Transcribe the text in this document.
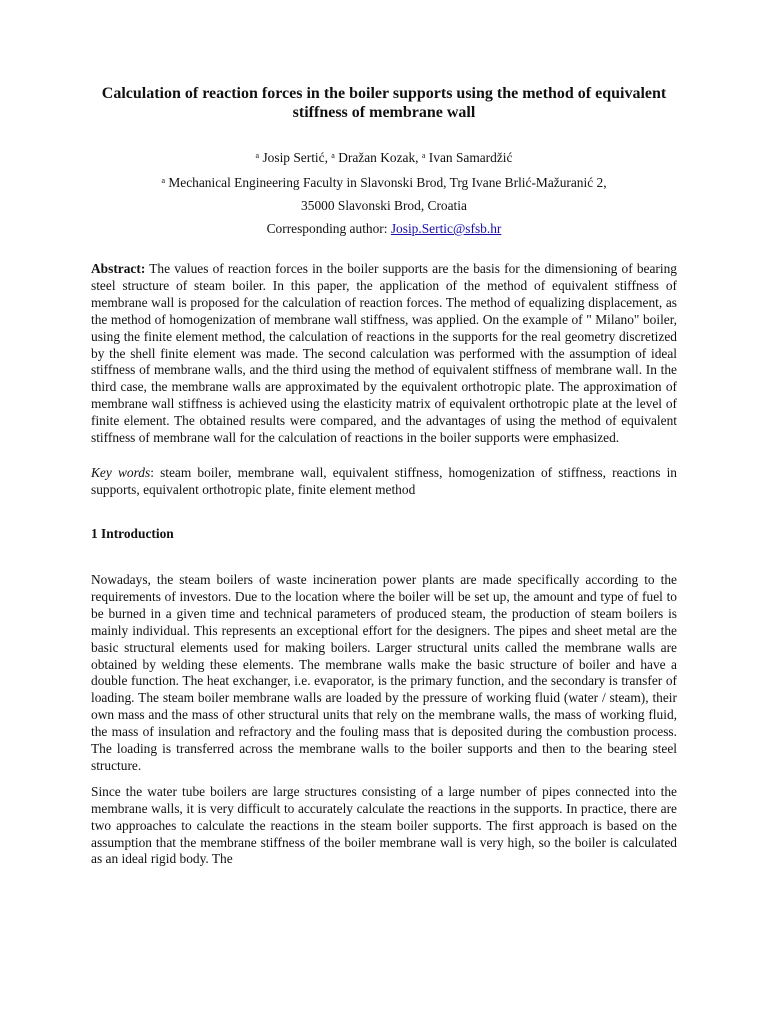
Calculation of reaction forces in the boiler supports using the method of equivalent stiffness of membrane wall
$^a$ Josip Sertić, $^a$ Dražan Kozak, $^a$ Ivan Samardžić
$^a$ Mechanical Engineering Faculty in Slavonski Brod, Trg Ivane Brlić-Mažuranić 2,
35000 Slavonski Brod, Croatia
Corresponding author: Josip.Sertic@sfsb.hr
Abstract: The values of reaction forces in the boiler supports are the basis for the dimensioning of bearing steel structure of steam boiler. In this paper, the application of the method of equivalent stiffness of membrane wall is proposed for the calculation of reaction forces. The method of equalizing displacement, as the method of homogenization of membrane wall stiffness, was applied. On the example of " Milano" boiler, using the finite element method, the calculation of reactions in the supports for the real geometry discretized by the shell finite element was made. The second calculation was performed with the assumption of ideal stiffness of membrane walls, and the third using the method of equivalent stiffness of membrane wall. In the third case, the membrane walls are approximated by the equivalent orthotropic plate. The approximation of membrane wall stiffness is achieved using the elasticity matrix of equivalent orthotropic plate at the level of finite element. The obtained results were compared, and the advantages of using the method of equivalent stiffness of membrane wall for the calculation of reactions in the boiler supports were emphasized.
Key words: steam boiler, membrane wall, equivalent stiffness, homogenization of stiffness, reactions in supports, equivalent orthotropic plate, finite element method
1 Introduction

Nowadays, the steam boilers of waste incineration power plants are made specifically according to the requirements of investors. Due to the location where the boiler will be set up, the amount and type of fuel to be burned in a given time and technical parameters of produced steam, the production of steam boilers is mainly individual. This represents an exceptional effort for the designers. The pipes and sheet metal are the basic structural elements used for making boilers. Larger structural units called the membrane walls are obtained by welding these elements. The membrane walls make the basic structure of boiler and have a double function. The heat exchanger, i.e. evaporator, is the primary function, and the secondary is transfer of loading. The steam boiler membrane walls are loaded by the pressure of working fluid (water / steam), their own mass and the mass of other structural units that rely on the membrane walls, the mass of working fluid, the mass of insulation and refractory and the fouling mass that is deposited during the combustion process. The loading is transferred across the membrane walls to the boiler supports and then to the bearing steel structure.

Since the water tube boilers are large structures consisting of a large number of pipes connected into the membrane walls, it is very difficult to accurately calculate the reactions in the supports. In practice, there are two approaches to calculate the reactions in the steam boiler supports. The first approach is based on the assumption that the membrane stiffness of the boiler membrane wall is very high, so the boiler is calculated as an ideal rigid body. The
